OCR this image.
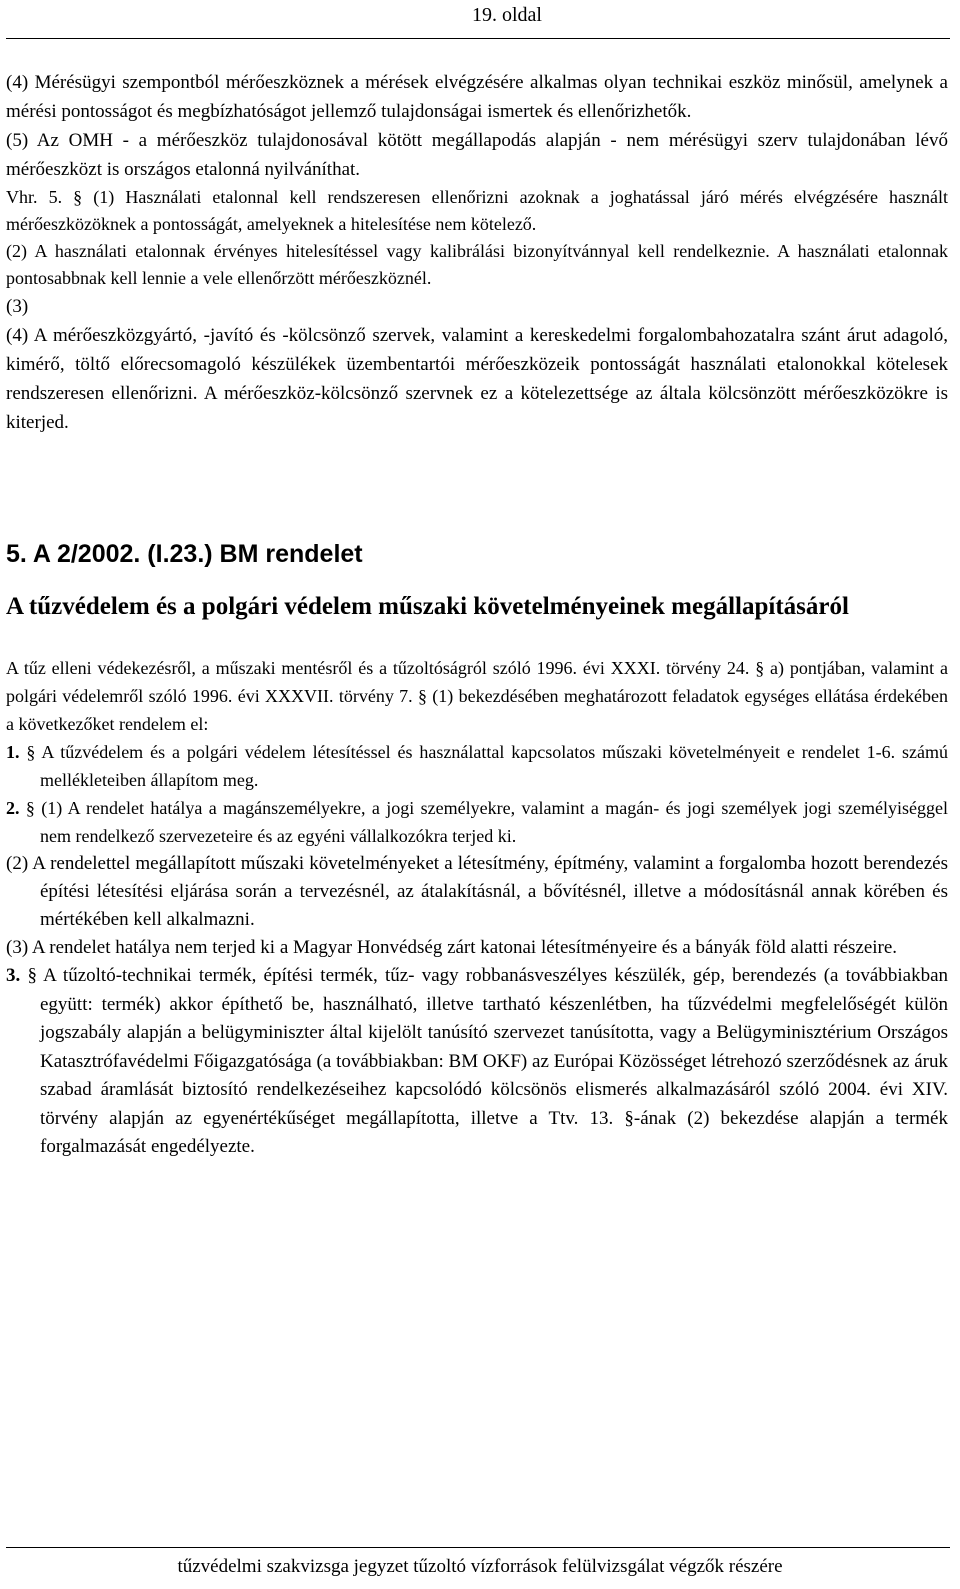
19. oldal

(4) Mérésügyi szempontból mérőeszköznek a mérések elvégzésére alkalmas olyan technikai eszköz minősül, amelynek a mérési pontosságot és megbízhatóságot jellemző tulajdonságai ismertek és ellenőrizhetők.

(5) Az OMH - a mérőeszköz tulajdonosával kötött megállapodás alapján - nem mérésügyi szerv tulajdonában lévő mérőeszközt is országos etalonná nyilváníthat.

Vhr. 5. § (1) Használati etalonnal kell rendszeresen ellenőrizni azoknak a joghatással járó mérés elvégzésére használt mérőeszközöknek a pontosságát, amelyeknek a hitelesítése nem kötelező.

(2) A használati etalonnak érvényes hitelesítéssel vagy kalibrálási bizonyítvánnyal kell rendelkeznie. A használati etalonnak pontosabbnak kell lennie a vele ellenőrzött mérőeszköznél.

(3)

(4) A mérőeszközgyártó, -javító és -kölcsönző szervek, valamint a kereskedelmi forgalombahozatalra szánt árut adagoló, kimérő, töltő előrecsomagoló készülékek üzembentartói mérőeszközeik pontosságát használati etalonokkal kötelesek rendszeresen ellenőrizni. A mérőeszköz-kölcsönző szervnek ez a kötelezettsége az általa kölcsönzött mérőeszközökre is kiterjed.

5. A 2/2002. (I.23.) BM rendelet
A tűzvédelem és a polgári védelem műszaki követelményeinek megállapításáról

A tűz elleni védekezésről, a műszaki mentésről és a tűzoltóságról szóló 1996. évi XXXI. törvény 24. § a) pontjában, valamint a polgári védelemről szóló 1996. évi XXXVII. törvény 7. § (1) bekezdésében meghatározott feladatok egységes ellátása érdekében a következőket rendelem el:

1. § A tűzvédelem és a polgári védelem létesítéssel és használattal kapcsolatos műszaki követelményeit e rendelet 1-6. számú mellékleteiben állapítom meg.
2. § (1) A rendelet hatálya a magánszemélyekre, a jogi személyekre, valamint a magán- és jogi személyek jogi személyiséggel nem rendelkező szervezeteire és az egyéni vállalkozókra terjed ki.
(2) A rendelettel megállapított műszaki követelményeket a létesítmény, építmény, valamint a forgalomba hozott berendezés építési létesítési eljárása során a tervezésnél, az átalakításnál, a bővítésnél, illetve a módosításnál annak körében és mértékében kell alkalmazni.
(3) A rendelet hatálya nem terjed ki a Magyar Honvédség zárt katonai létesítményeire és a bányák föld alatti részeire.
3. § A tűzoltó-technikai termék, építési termék, tűz- vagy robbanásveszélyes készülék, gép, berendezés (a továbbiakban együtt: termék) akkor építhető be, használható, illetve tartható készenlétben, ha tűzvédelmi megfelelőségét külön jogszabály alapján a belügyminiszter által kijelölt tanúsító szervezet tanúsította, vagy a Belügyminisztérium Országos Katasztrófavédelmi Főigazgatósága (a továbbiakban: BM OKF) az Európai Közösséget létrehozó szerződésnek az áruk szabad áramlását biztosító rendelkezéseihez kapcsolódó kölcsönös elismerés alkalmazásáról szóló 2004. évi XIV. törvény alapján az egyenértékűséget megállapította, illetve a Ttv. 13. §-ának (2) bekezdése alapján a termék forgalmazását engedélyezte.
tűzvédelmi szakvizsga jegyzet tűzoltó vízforrások felülvizsgálat végzők részére
